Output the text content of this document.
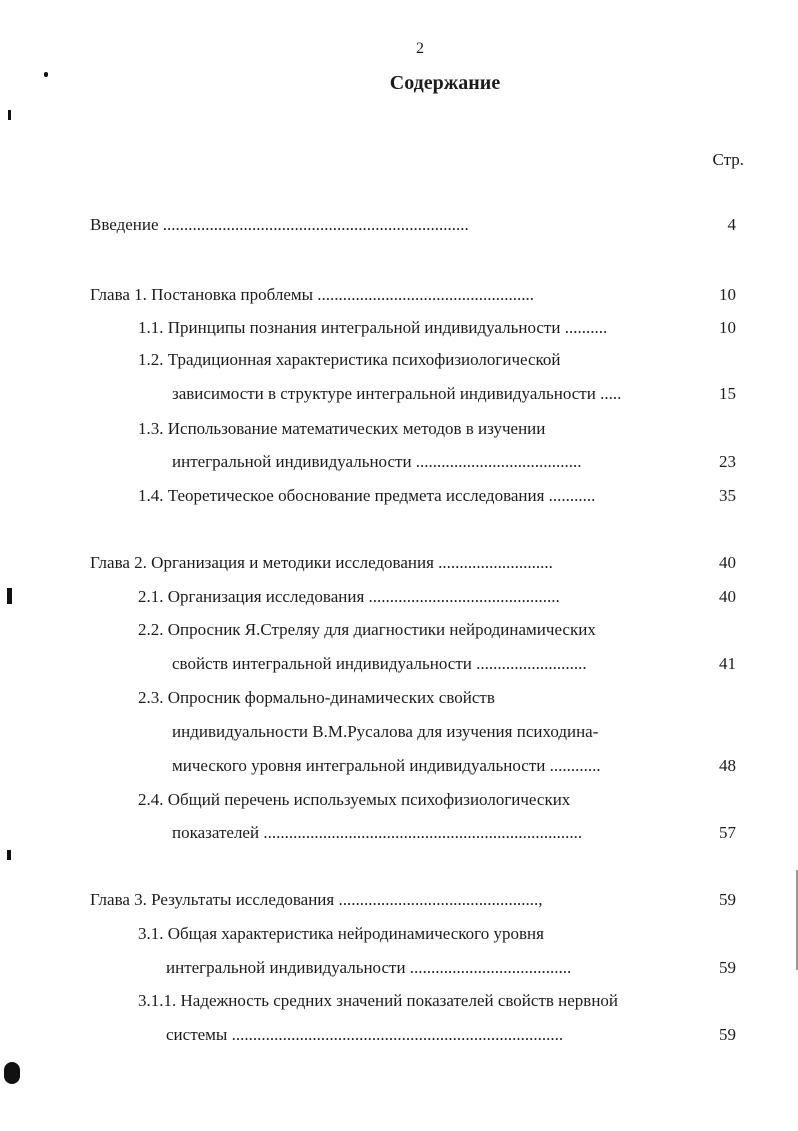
2
Содержание
Стр.
Введение ........................................................................	4
Глава 1. Постановка проблемы ...................................................	10
1.1. Принципы познания интегральной индивидуальности ..........	10
1.2. Традиционная характеристика психофизиологической
зависимости в структуре интегральной индивидуальности .....	15
1.3. Использование математических методов в изучении
интегральной индивидуальности .......................................	23
1.4. Теоретическое обоснование предмета исследования ...........	35
Глава 2. Организация и методики исследования ...........................	40
2.1. Организация исследования .............................................	40
2.2. Опросник Я.Стреляу для диагностики нейродинамических
свойств интегральной индивидуальности ..........................	41
2.3. Опросник формально-динамических свойств
индивидуальности В.М.Русалова для изучения психодина-
мического уровня интегральной индивидуальности ............	48
2.4. Общий перечень используемых психофизиологических
показателей ...........................................................................	57
Глава 3. Результаты исследования ...............................................,	59
3.1. Общая характеристика нейродинамического уровня
интегральной индивидуальности ......................................	59
3.1.1. Надежность средних значений показателей свойств нервной
системы ..............................................................................	59
